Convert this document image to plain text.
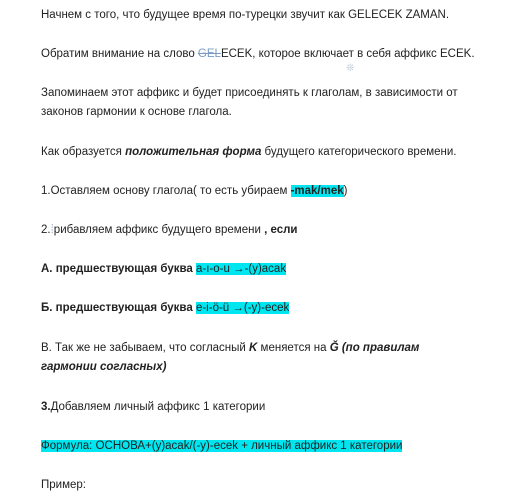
Начнем с того, что будущее время по-турецки звучит как GELECEK ZAMAN.
Обратим внимание на слово GELECEK, которое включает в себя аффикс ECEK.
❊
Запоминаем этот аффикс и будет присоединять к глаголам, в зависимости от
законов гармонии к основе глагола.
Как образуется положительная форма будущего категорического времени.
1.Оставляем основу глагола( то есть убираем -mak/mek)
2.⁞рибавляем аффикс будущего времени , если
A. предшествующая буква a-ı-o-u →-(y)acak
Б. предшествующая буква e-i-ö-ü →(-y)-ecek
В. Так же не забываем, что согласный K меняется на Ğ (по правилам
гармонии согласных)
3.Добавляем личный аффикс 1 категории
Формула: ОСНОВА+(y)acak/(-y)-ecek + личный аффикс 1 категории
Пример:
